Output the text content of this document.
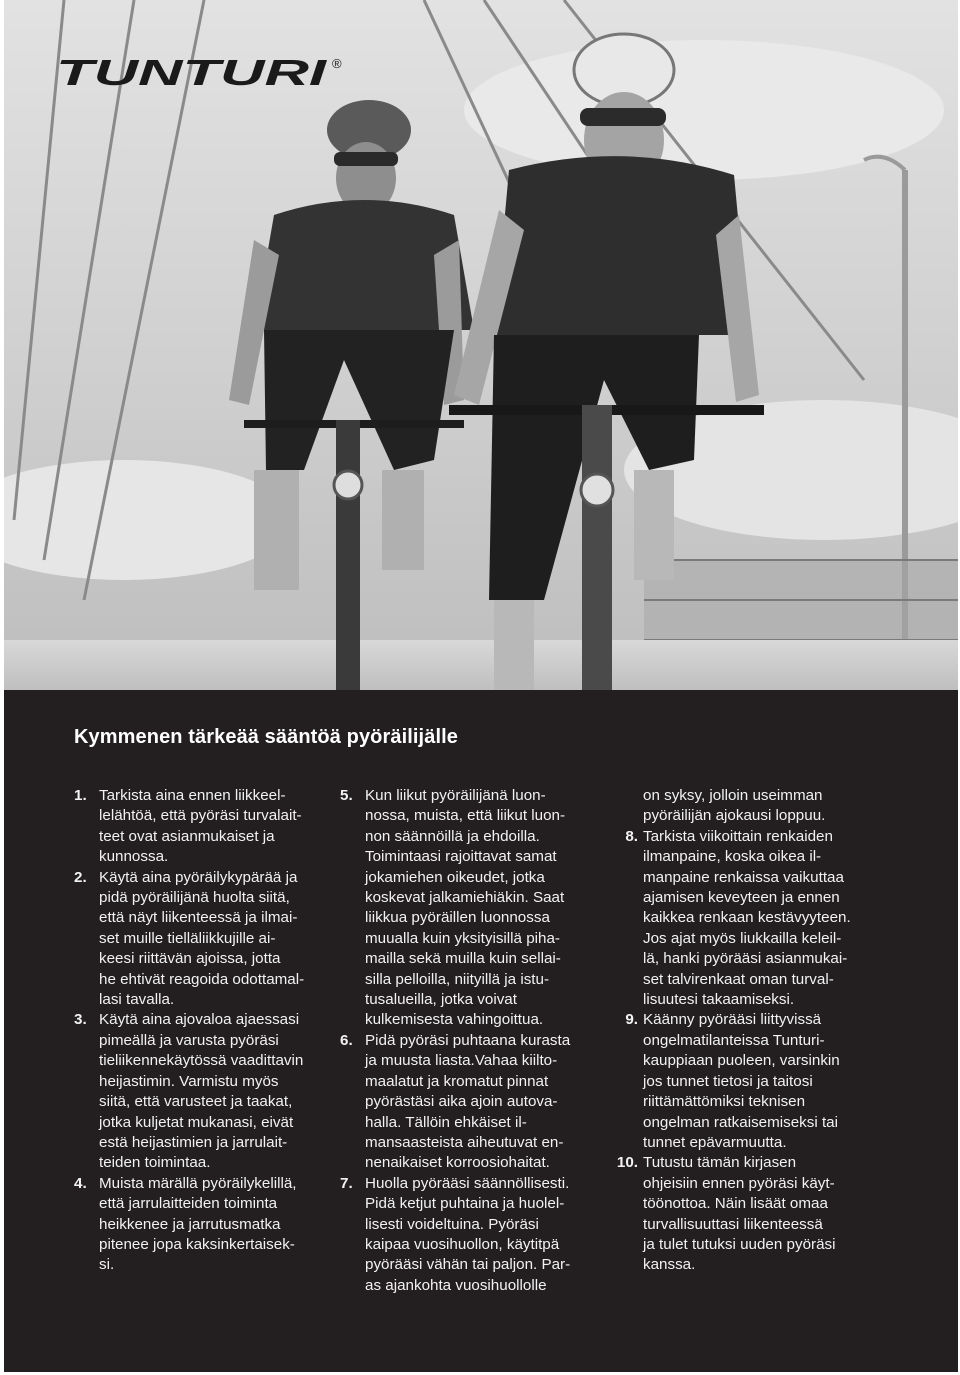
TUNTURI ®
Kymmenen tärkeää sääntöä pyöräilijälle
1. Tarkista aina ennen liikkeel-
lelähtöä, että pyöräsi turvalait-
teet ovat asianmukaiset ja
kunnossa.
2. Käytä aina pyöräilykypärää ja
pidä pyöräilijänä huolta siitä,
että näyt liikenteessä ja ilmai-
set muille tielläliikkujille ai-
keesi riittävän ajoissa, jotta
he ehtivät reagoida odottamal-
lasi tavalla.
3. Käytä aina ajovaloa ajaessasi
pimeällä ja varusta pyöräsi
tieliikennekäytössä vaadittavin
heijastimin. Varmistu myös
siitä, että varusteet ja taakat,
jotka kuljetat mukanasi, eivät
estä heijastimien ja jarrulait-
teiden toimintaa.
4. Muista märällä pyöräilykelillä,
että jarrulaitteiden toiminta
heikkenee ja jarrutusmatka
pitenee jopa kaksinkertaisek-
si.
5. Kun liikut pyöräilijänä luon-
nossa, muista, että liikut luon-
non säännöillä ja ehdoilla.
Toimintaasi rajoittavat samat
jokamiehen oikeudet, jotka
koskevat jalkamiehiäkin. Saat
liikkua pyöräillen luonnossa
muualla kuin yksityisillä piha-
mailla sekä muilla kuin sellai-
silla pelloilla, niityillä ja istu-
tusalueilla, jotka voivat
kulkemisesta vahingoittua.
6. Pidä pyöräsi puhtaana kurasta
ja muusta liasta.Vahaa kiilto-
maalatut ja kromatut pinnat
pyörästäsi aika ajoin autova-
halla. Tällöin ehkäiset il-
mansaasteista aiheutuvat en-
nenaikaiset korroosiohaitat.
7. Huolla pyörääsi säännöllisesti.
Pidä ketjut puhtaina ja huolel-
lisesti voideltuina. Pyöräsi
kaipaa vuosihuollon, käytitpä
pyörääsi vähän tai paljon. Par-
as ajankohta vuosihuollolle

on syksy, jolloin useimman
pyöräilijän ajokausi loppuu.

8. Tarkista viikoittain renkaiden
ilmanpaine, koska oikea il-
manpaine renkaissa vaikuttaa
ajamisen keveyteen ja ennen
kaikkea renkaan kestävyyteen.
Jos ajat myös liukkailla keleil-
lä, hanki pyörääsi asianmukai-
set talvirenkaat oman turval-
lisuutesi takaamiseksi.
9. Käänny pyörääsi liittyvissä
ongelmatilanteissa Tunturi-
kauppiaan puoleen, varsinkin
jos tunnet tietosi ja taitosi
riittämättömiksi teknisen
ongelman ratkaisemiseksi tai
tunnet epävarmuutta.
10. Tutustu tämän kirjasen
ohjeisiin ennen pyöräsi käyt-
töönottoa. Näin lisäät omaa
turvallisuuttasi liikenteessä
ja tulet tutuksi uuden pyöräsi
kanssa.
